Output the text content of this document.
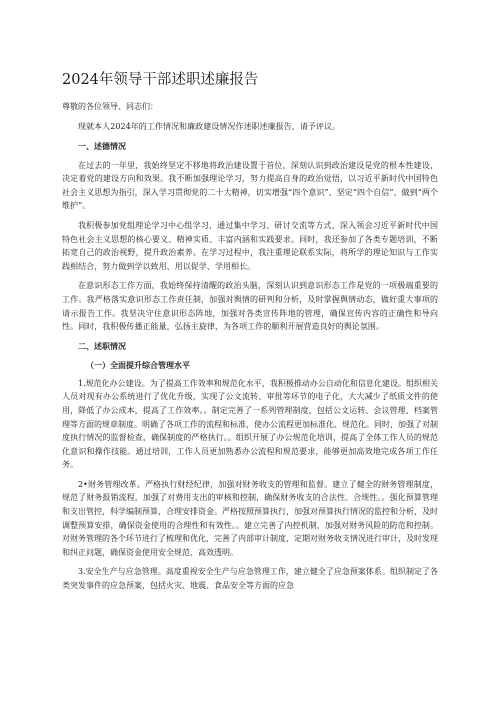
2024年领导干部述职述廉报告
尊敬的各位领导、同志们：

现就本人2024年的工作情况和廉政建设情况作述职述廉报告，请予评议。

一、述德情况

在过去的一年里，我始终坚定不移地将政治建设置于首位，深刻认识到政治建设是党的根本性建设，决定着党的建设方向和效果。我不断加强理论学习，努力提高自身的政治觉悟，以习近平新时代中国特色社会主义思想为指引，深入学习贯彻党的二十大精神，切实增强“四个意识”、坚定“四个自信”、做到“两个维护”。

我积极参加党组理论学习中心组学习，通过集中学习、研讨交流等方式，深入领会习近平新时代中国特色社会主义思想的核心要义、精神实质、丰富内涵和实践要求。同时，我还参加了各类专题培训，不断拓宽自己的政治视野，提升政治素养。在学习过程中，我注重理论联系实际，将所学的理论知识与工作实践相结合，努力做到学以致用、用以促学、学用相长。

在意识形态工作方面，我始终保持清醒的政治头脑，深刻认识到意识形态工作是党的一项极端重要的工作。我严格落实意识形态工作责任制，加强对舆情的研判和分析，及时掌握舆情动态，做好重大事项的请示报告工作。我坚决守住意识形态阵地，加强对各类宣传阵地的管理，确保宣传内容的正确性和导向性。同时，我积极传播正能量，弘扬主旋律，为各项工作的顺利开展营造良好的舆论氛围。

二、述职情况
（一）全面提升综合管理水平

1.规范化办公建设。为了提高工作效率和规范化水平，我积极推动办公自动化和信息化建设。组织相关人员对现有办公系统进行了优化升级，实现了公文流转、审批等环节的电子化，大大减少了纸质文件的使用，降低了办公成本，提高了工作效率。。制定完善了一系列管理制度，包括公文运转、会议管理、档案管理等方面的规章制度。明确了各项工作的流程和标准，使办公流程更加标准化、规范化。同时，加强了对制度执行情况的监督检查，确保制度的严格执行。。组织开展了办公规范化培训，提高了全体工作人员的规范化意识和操作技能。通过培训，工作人员更加熟悉办公流程和规范要求，能够更加高效地完成各项工作任务。

2•财务管理改革。严格执行财经纪律，加强对财务收支的管理和监督。建立了健全的财务管理制度，规范了财务报销流程，加强了对费用支出的审核和控制，确保财务收支的合法性、合规性。。强化预算管理和支出管控，科学编制预算，合理安排资金。严格按照预算执行，加强对预算执行情况的监控和分析，及时调整预算安排，确保资金使用的合理性和有效性。。建立完善了内控机制，加强对财务风险的防范和控制。对财务管理的各个环节进行了梳理和优化，完善了内部审计制度，定期对财务收支情况进行审计，及时发现和纠正问题，确保资金使用安全规范、高效透明。

3.安全生产与应急管理。高度重视安全生产与应急管理工作，建立健全了应急预案体系。组织制定了各类突发事件的应急预案，包括火灾、地震、食品安全等方面的应急
